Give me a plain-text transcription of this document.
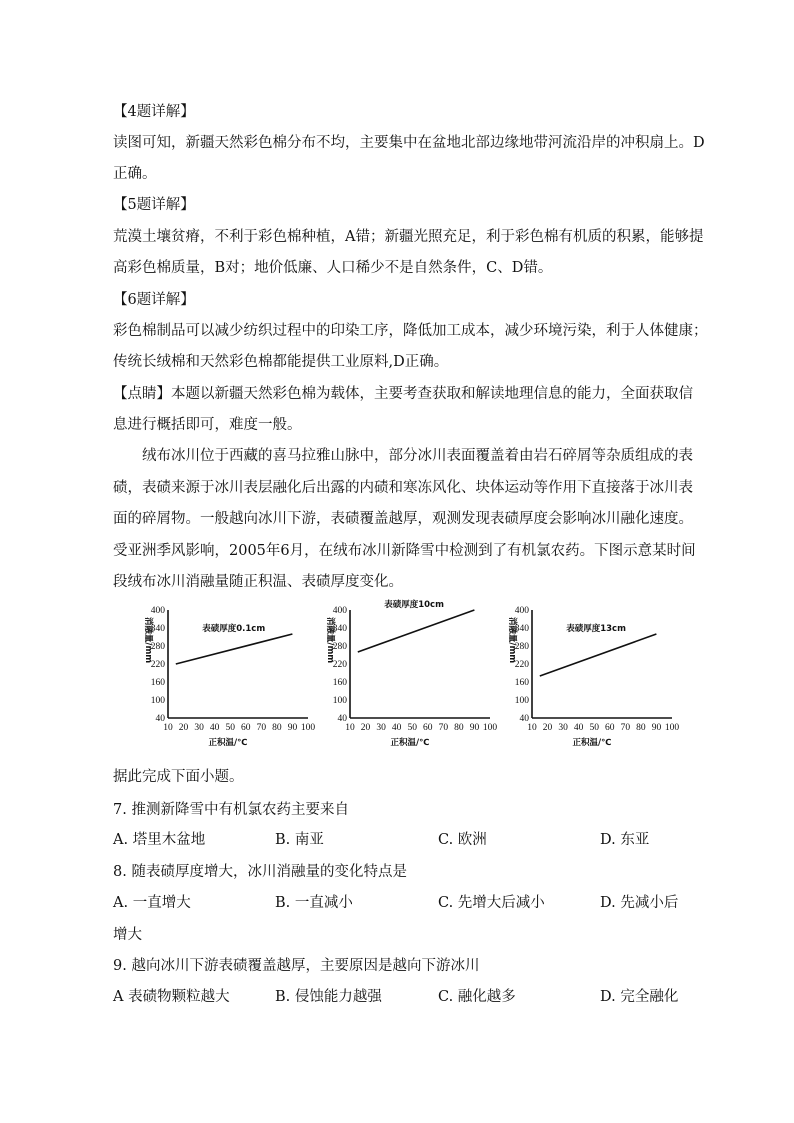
【4题详解】
读图可知，新疆天然彩色棉分布不均，主要集中在盆地北部边缘地带河流沿岸的冲积扇上。D
正确。
【5题详解】
荒漠土壤贫瘠，不利于彩色棉种植，A错；新疆光照充足，利于彩色棉有机质的积累，能够提
高彩色棉质量，B对；地价低廉、人口稀少不是自然条件，C、D错。
【6题详解】
彩色棉制品可以减少纺织过程中的印染工序，降低加工成本，减少环境污染，利于人体健康；
传统长绒棉和天然彩色棉都能提供工业原料,D正确。
【点睛】本题以新疆天然彩色棉为载体，主要考查获取和解读地理信息的能力，全面获取信
息进行概括即可，难度一般。
绒布冰川位于西藏的喜马拉雅山脉中，部分冰川表面覆盖着由岩石碎屑等杂质组成的表
碛，表碛来源于冰川表层融化后出露的内碛和寒冻风化、块体运动等作用下直接落于冰川表
面的碎屑物。一般越向冰川下游，表碛覆盖越厚，观测发现表碛厚度会影响冰川融化速度。
受亚洲季风影响，2005年6月，在绒布冰川新降雪中检测到了有机氯农药。下图示意某时间
段绒布冰川消融量随正积温、表碛厚度变化。
40
100
160
220
280
340
400
10 20 30 40 50 60 70 80 90 100
正积温/℃
消融量/mm	表碛厚度0.1cm
40
100
160
220
280
340
400
10 20 30 40 50 60 70 80 90 100
正积温/℃
消融量/mm
表碛厚度10cm
40
100
160
220
280
340
400
10 20 30 40 50 60 70 80 90 100
正积温/℃
消融量/mm	表碛厚度13cm
据此完成下面小题。
7. 推测新降雪中有机氯农药主要来自
A. 塔里木盆地	B. 南亚	C. 欧洲	D. 东亚
8. 随表碛厚度增大，冰川消融量的变化特点是
A. 一直增大	B. 一直减小	C. 先增大后减小	D. 先减小后
增大
9. 越向冰川下游表碛覆盖越厚，主要原因是越向下游冰川
A 表碛物颗粒越大	B. 侵蚀能力越强	C. 融化越多	D. 完全融化
